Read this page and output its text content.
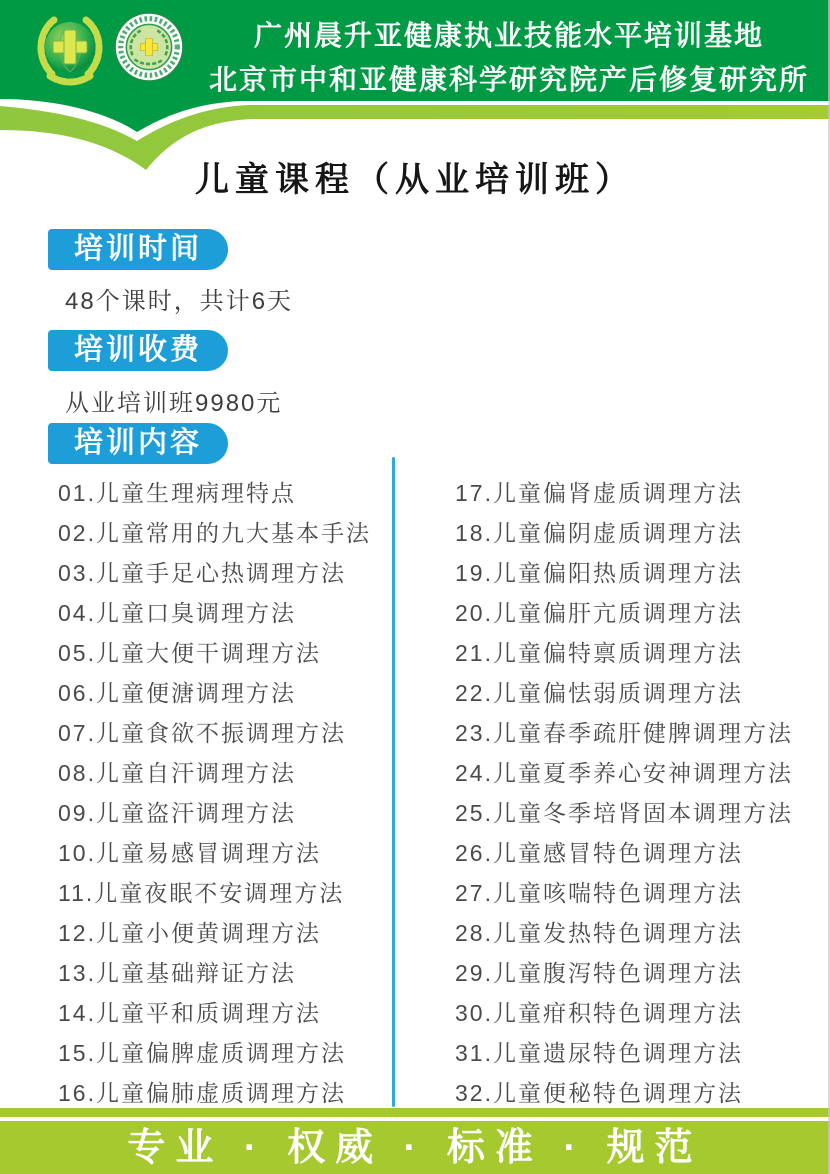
广州晨升亚健康执业技能水平培训基地
北京市中和亚健康科学研究院产后修复研究所
儿童课程（从业培训班）
培训时间
48个课时，共计6天
培训收费
从业培训班9980元
培训内容
01.儿童生理病理特点
02.儿童常用的九大基本手法
03.儿童手足心热调理方法
04.儿童口臭调理方法
05.儿童大便干调理方法
06.儿童便溏调理方法
07.儿童食欲不振调理方法
08.儿童自汗调理方法
09.儿童盗汗调理方法
10.儿童易感冒调理方法
11.儿童夜眠不安调理方法
12.儿童小便黄调理方法
13.儿童基础辩证方法
14.儿童平和质调理方法
15.儿童偏脾虚质调理方法
16.儿童偏肺虚质调理方法
17.儿童偏肾虚质调理方法
18.儿童偏阴虚质调理方法
19.儿童偏阳热质调理方法
20.儿童偏肝亢质调理方法
21.儿童偏特禀质调理方法
22.儿童偏怯弱质调理方法
23.儿童春季疏肝健脾调理方法
24.儿童夏季养心安神调理方法
25.儿童冬季培肾固本调理方法
26.儿童感冒特色调理方法
27.儿童咳喘特色调理方法
28.儿童发热特色调理方法
29.儿童腹泻特色调理方法
30.儿童疳积特色调理方法
31.儿童遗尿特色调理方法
32.儿童便秘特色调理方法
专业 · 权威 · 标准 · 规范
